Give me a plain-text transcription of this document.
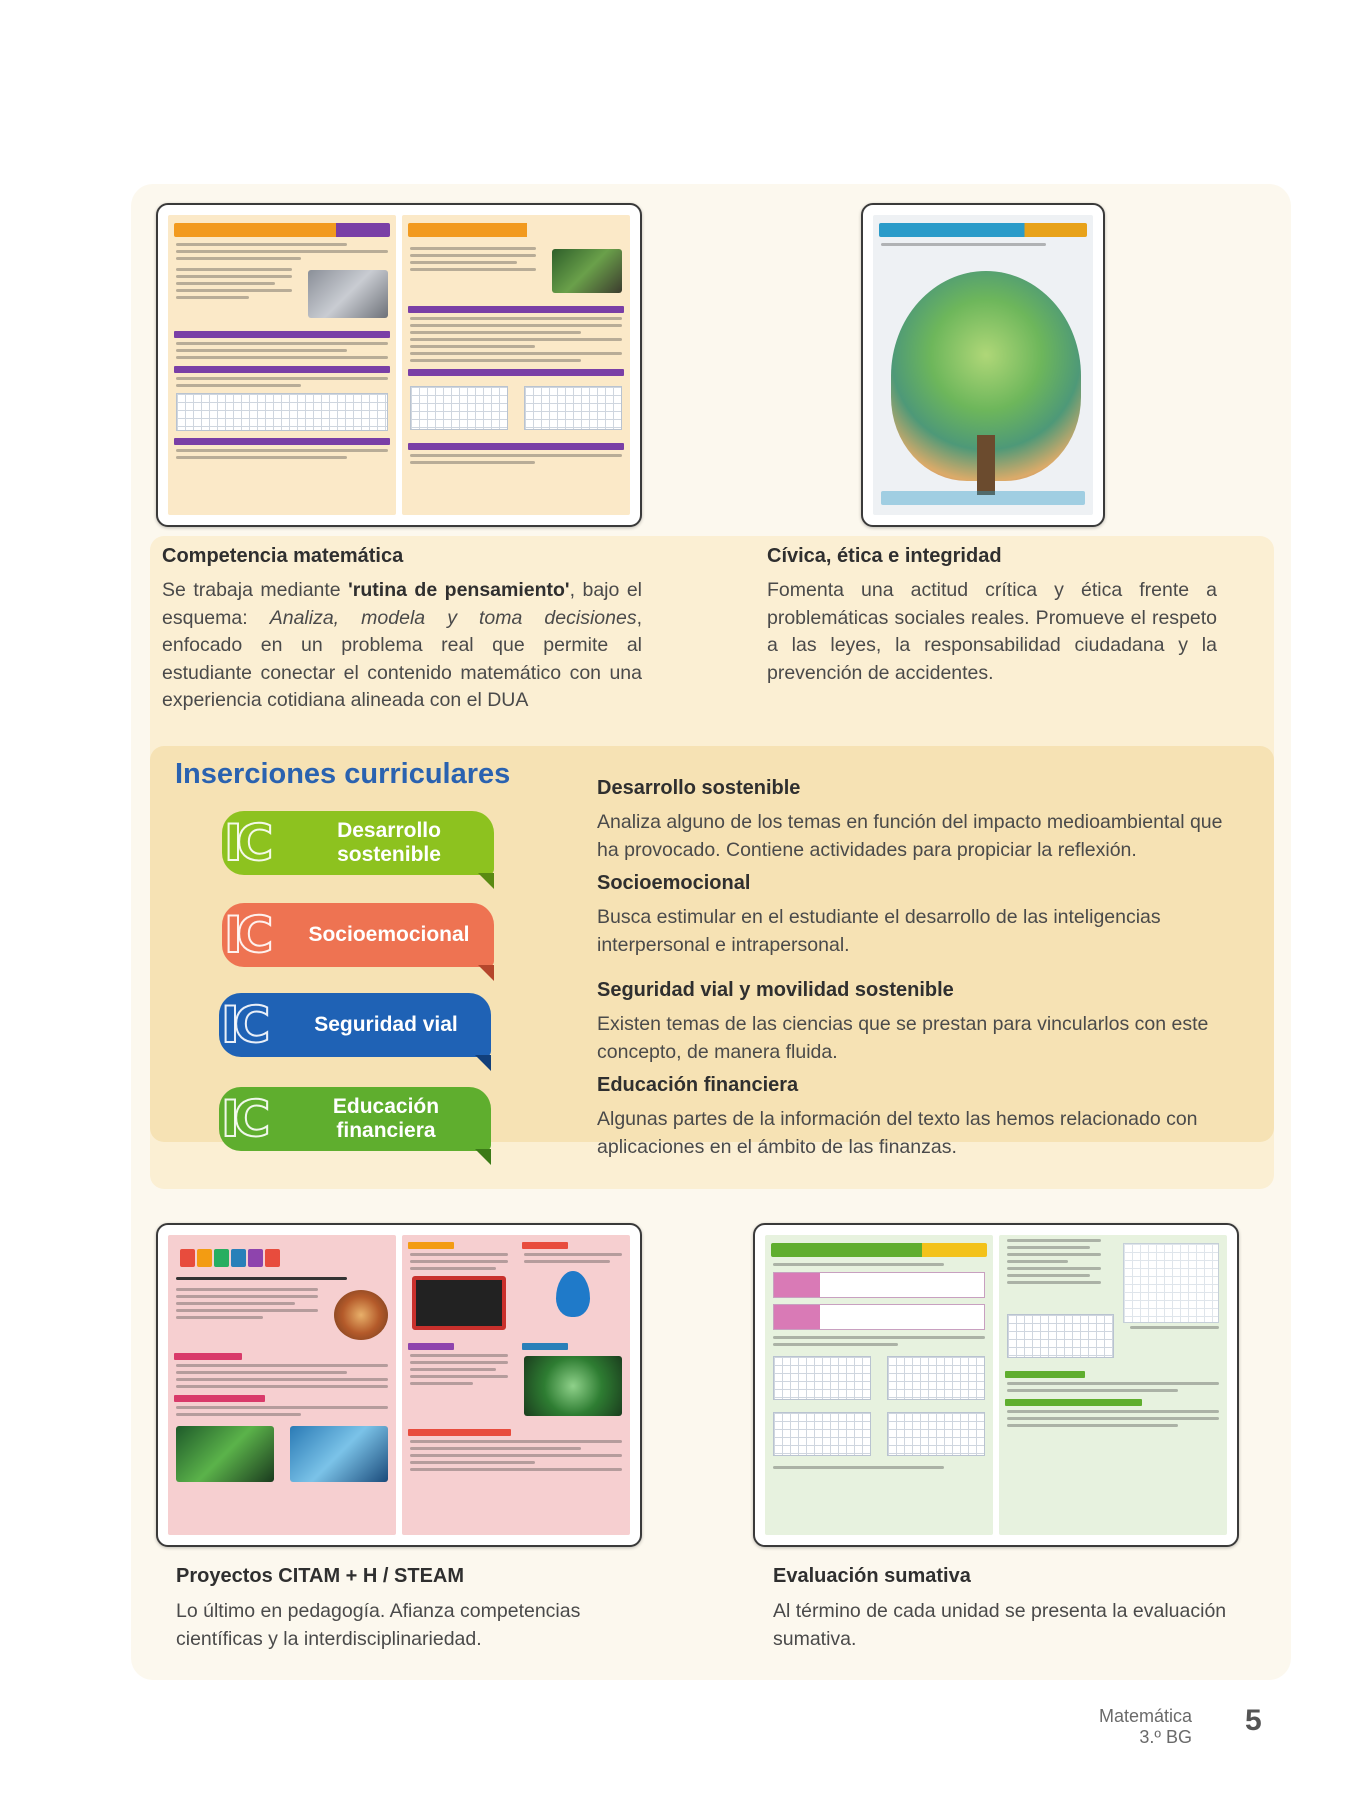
Competencia matemática
Se trabaja mediante 'rutina de pensamiento', bajo el esquema: Analiza, modela y toma decisiones, enfocado en un problema real que permite al estudiante conectar el contenido matemático con una experiencia cotidiana alineada con el DUA
Cívica, ética e integridad
Fomenta una actitud crítica y ética frente a problemáticas sociales reales. Promueve el respeto a las leyes, la responsabilidad ciudadana y la prevención de accidentes.
Inserciones curriculares
IC	Desarrollo
sostenible
IC	Socioemocional
IC	Seguridad vial
IC	Educación
financiera
Desarrollo sostenible
Analiza alguno de los temas en función del impacto medioambiental que ha provocado. Contiene actividades para propiciar la reflexión.
Socioemocional
Busca estimular en el estudiante el desarrollo de las inteligencias interpersonal e intrapersonal.
Seguridad vial y movilidad sostenible
Existen temas de las ciencias que se prestan para vincularlos con este concepto, de manera fluida.
Educación financiera
Algunas partes de la información del texto las hemos relacionado con aplicaciones en el ámbito de las finanzas.
Proyectos CITAM + H / STEAM
Lo último en pedagogía. Afianza competencias científicas y la interdisciplinariedad.
Evaluación sumativa
Al término de cada unidad se presenta la evaluación sumativa.
Matemática
3.º BG 5
